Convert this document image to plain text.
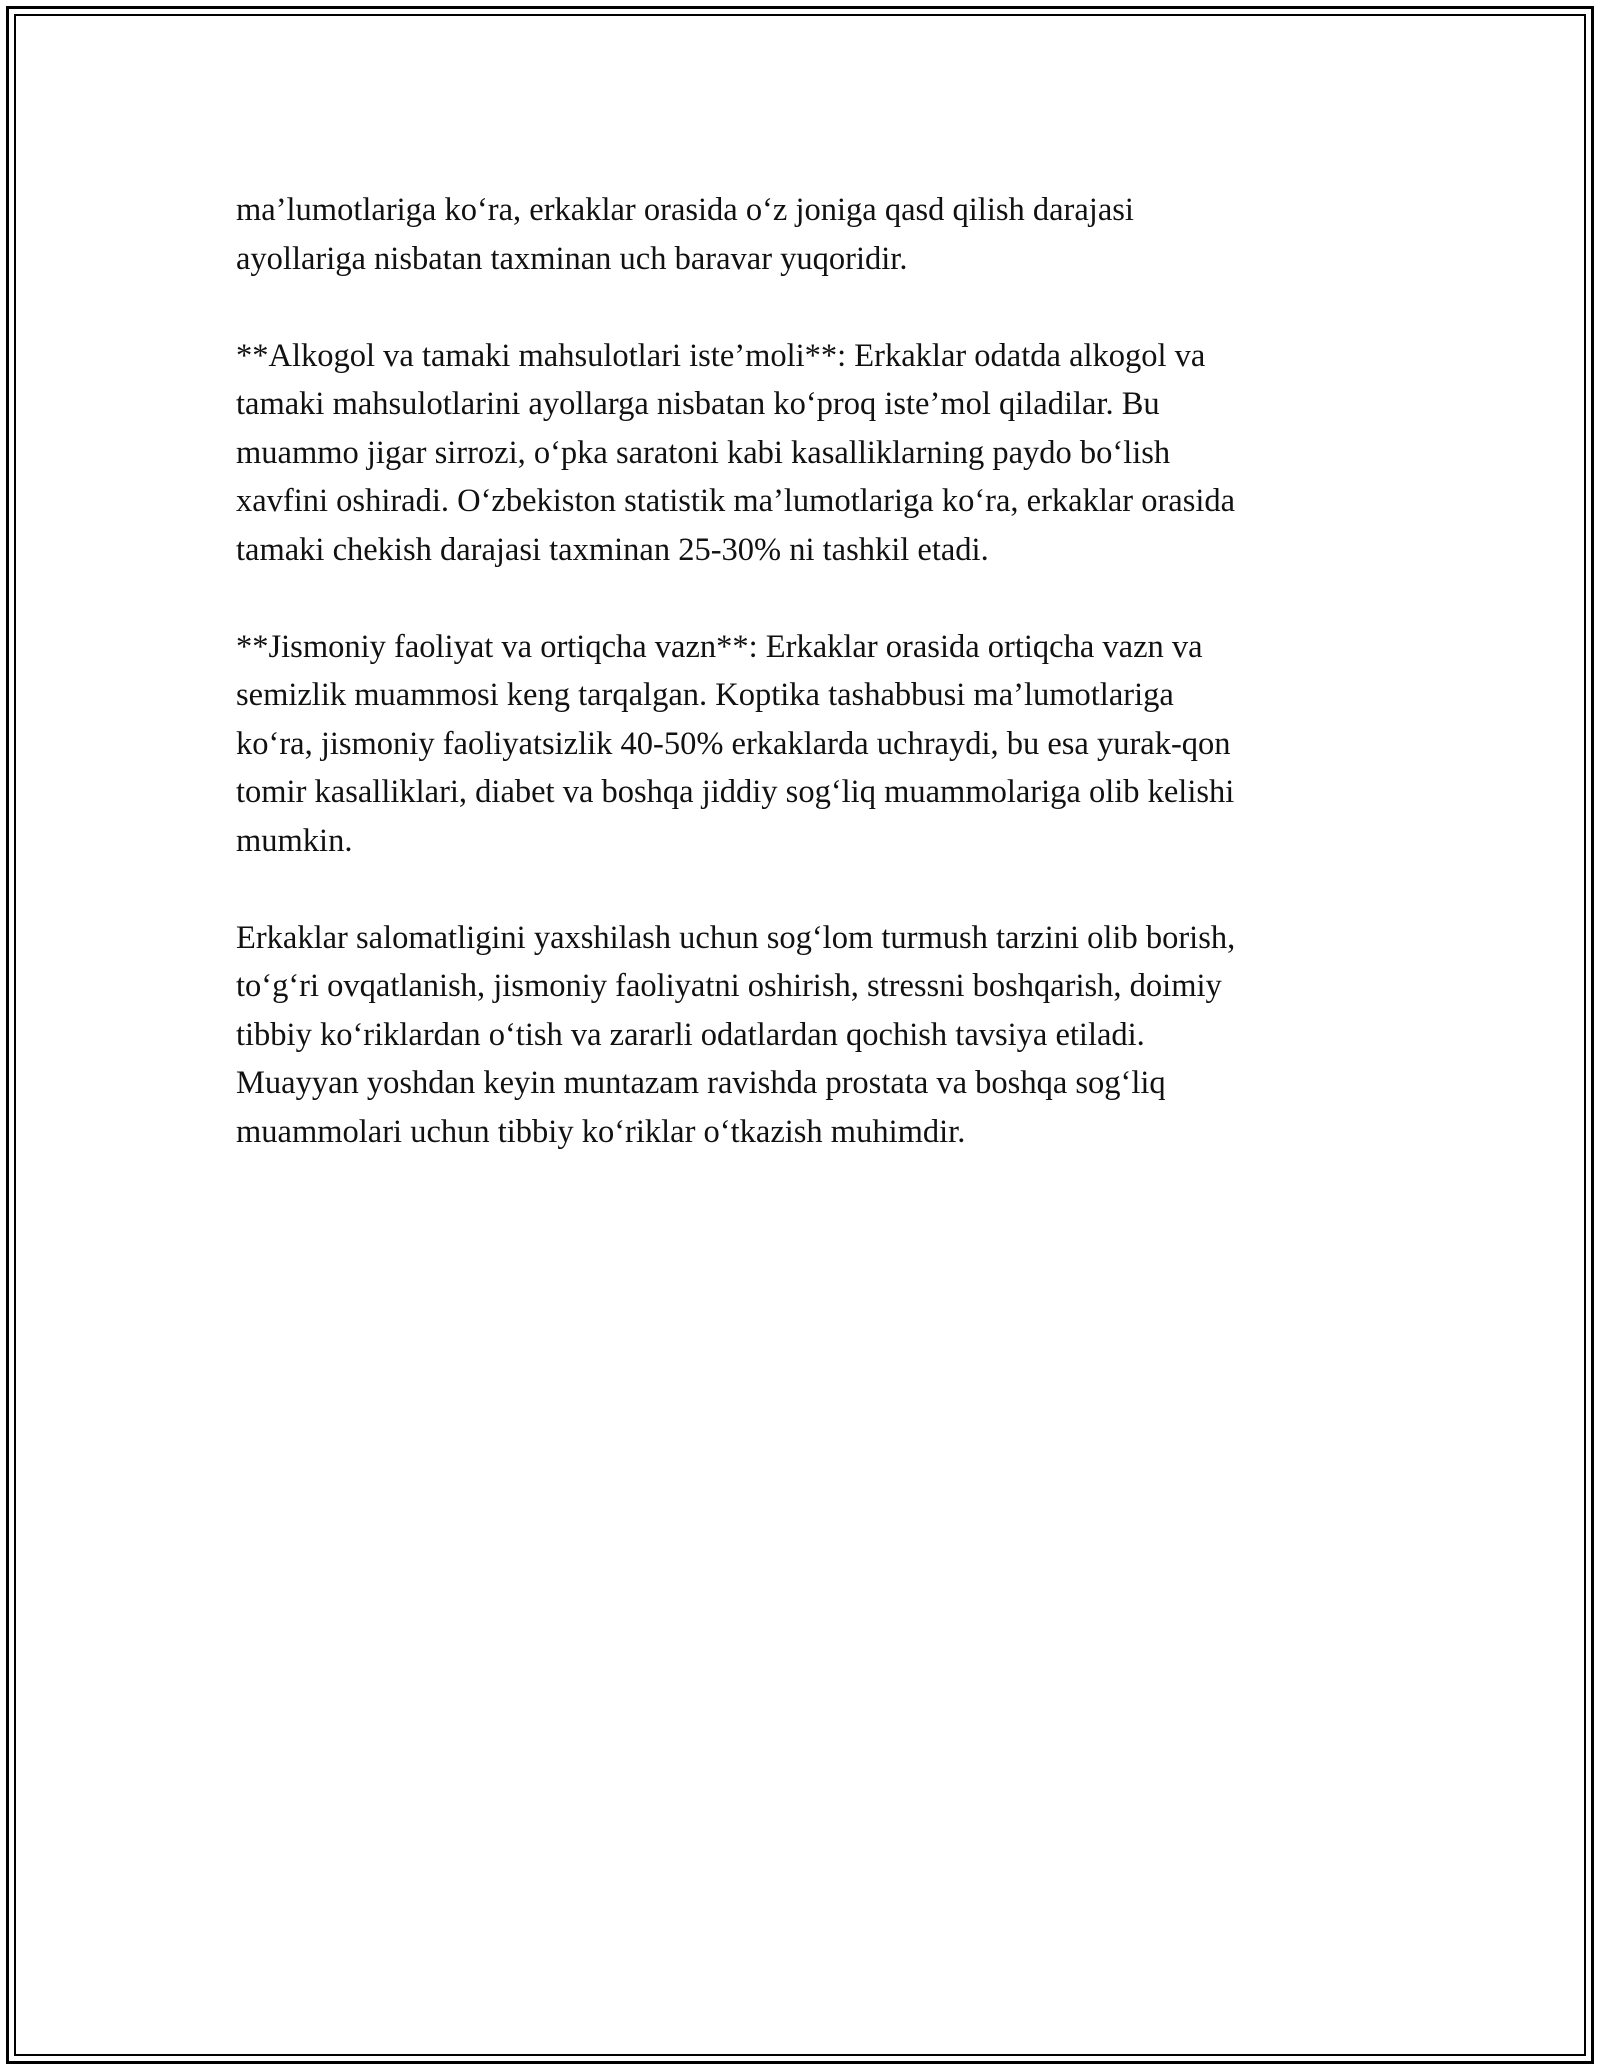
ma’lumotlariga ko‘ra, erkaklar orasida o‘z joniga qasd qilish darajasi
ayollariga nisbatan taxminan uch baravar yuqoridir.
**Alkogol va tamaki mahsulotlari iste’moli**: Erkaklar odatda alkogol va
tamaki mahsulotlarini ayollarga nisbatan ko‘proq iste’mol qiladilar. Bu
muammo jigar sirrozi, o‘pka saratoni kabi kasalliklarning paydo bo‘lish
xavfini oshiradi. O‘zbekiston statistik ma’lumotlariga ko‘ra, erkaklar orasida
tamaki chekish darajasi taxminan 25-30% ni tashkil etadi.
**Jismoniy faoliyat va ortiqcha vazn**: Erkaklar orasida ortiqcha vazn va
semizlik muammosi keng tarqalgan. Koptika tashabbusi ma’lumotlariga
ko‘ra, jismoniy faoliyatsizlik 40-50% erkaklarda uchraydi, bu esa yurak-qon
tomir kasalliklari, diabet va boshqa jiddiy sog‘liq muammolariga olib kelishi
mumkin.
Erkaklar salomatligini yaxshilash uchun sog‘lom turmush tarzini olib borish,
to‘g‘ri ovqatlanish, jismoniy faoliyatni oshirish, stressni boshqarish, doimiy
tibbiy ko‘riklardan o‘tish va zararli odatlardan qochish tavsiya etiladi.
Muayyan yoshdan keyin muntazam ravishda prostata va boshqa sog‘liq
muammolari uchun tibbiy ko‘riklar o‘tkazish muhimdir.
